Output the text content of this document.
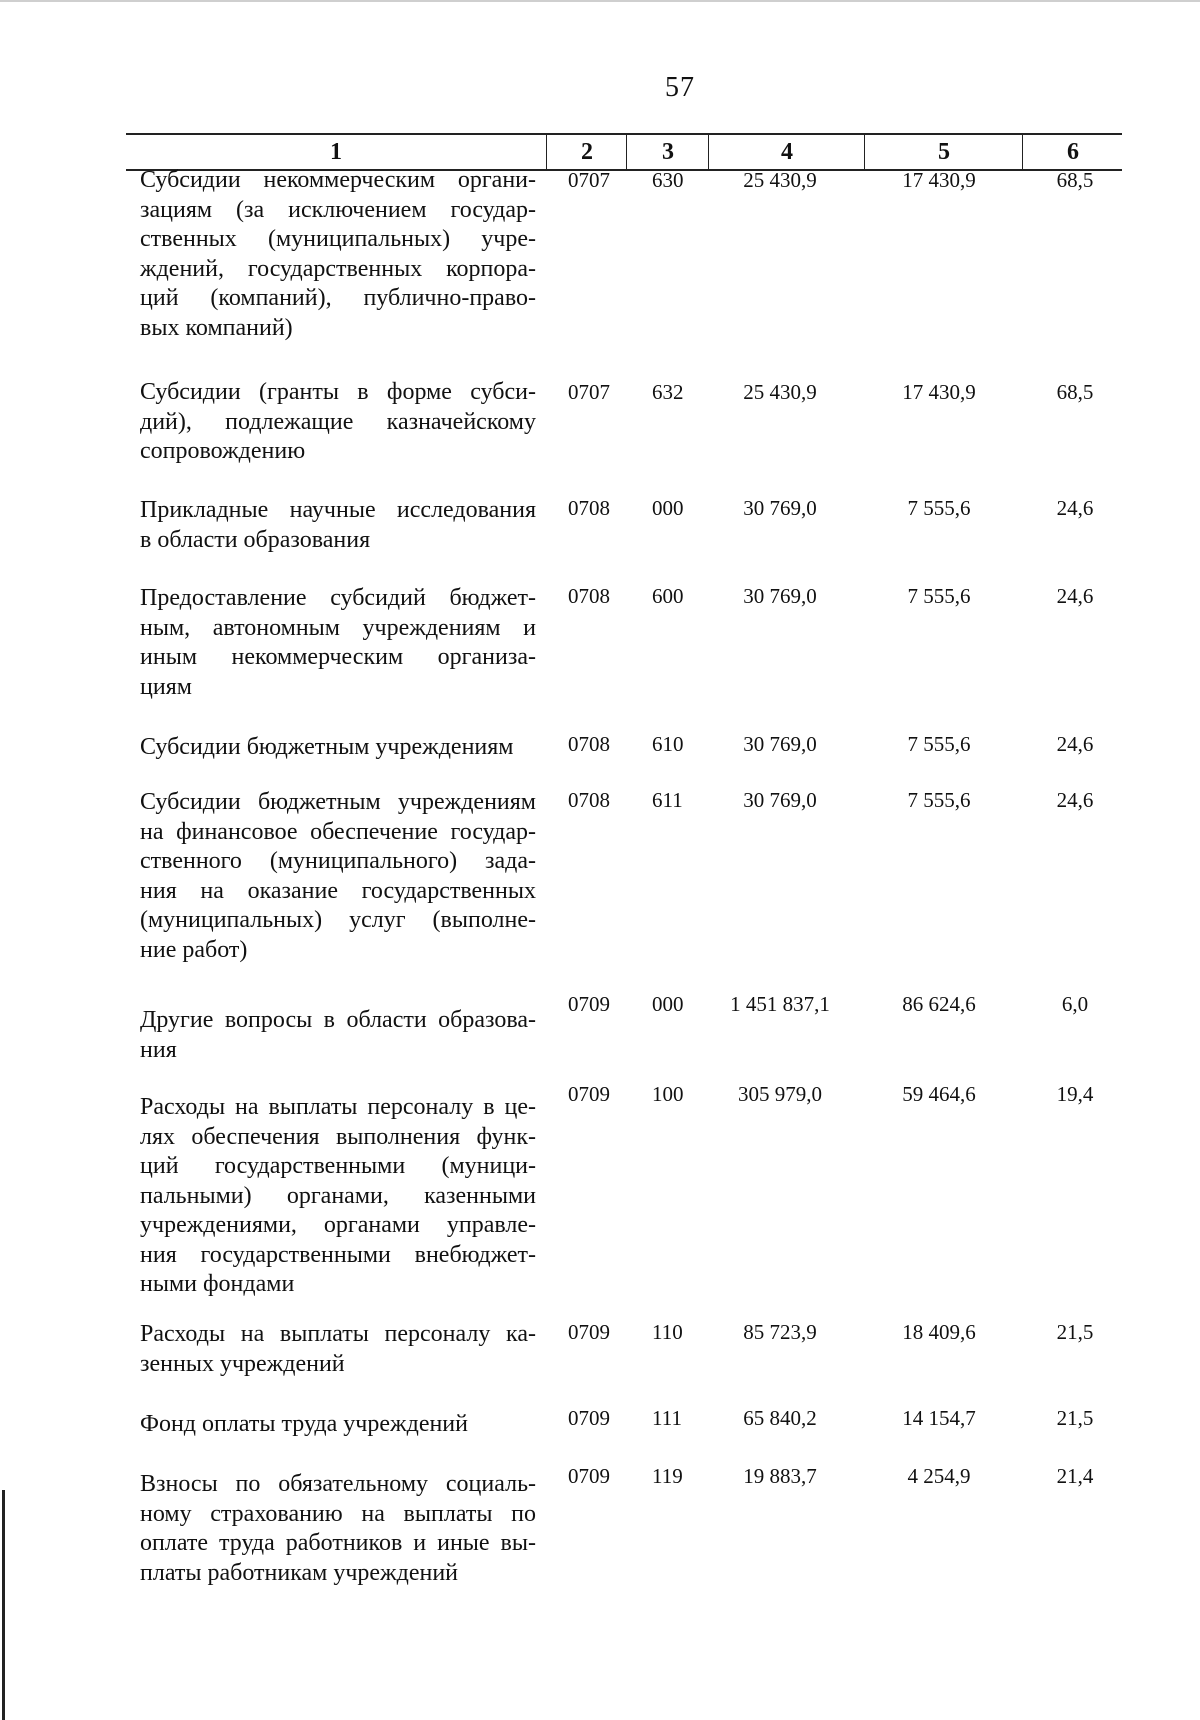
57
1	2	3	4	5	6
Субсидии некоммерческим органи-
зациям (за исключением государ-
ственных (муниципальных) учре-
ждений, государственных корпора-
ций (компаний), публично-право-
вых компаний)
0707 630	25 430,9	17 430,9	68,5
Субсидии (гранты в форме субси-
дий), подлежащие казначейскому
сопровождению
0707 632	25 430,9	17 430,9	68,5
Прикладные научные исследования
в области образования
0708 000	30 769,0	7 555,6	24,6
Предоставление субсидий бюджет-
ным, автономным учреждениям и
иным некоммерческим организа-
циям
0708 600	30 769,0	7 555,6	24,6
Субсидии бюджетным учреждениям	0708 610	30 769,0	7 555,6	24,6
Субсидии бюджетным учреждениям
на финансовое обеспечение государ-
ственного (муниципального) зада-
ния на оказание государственных
(муниципальных) услуг (выполне-
ние работ)
0708 611	30 769,0	7 555,6	24,6
Другие вопросы в области образова-
ния
0709 000	1 451 837,1	86 624,6	6,0
Расходы на выплаты персоналу в це-
лях обеспечения выполнения функ-
ций государственными (муници-
пальными) органами, казенными
учреждениями, органами управле-
ния государственными внебюджет-
ными фондами
0709 100	305 979,0	59 464,6	19,4
Расходы на выплаты персоналу ка-
зенных учреждений
0709 110	85 723,9	18 409,6	21,5
Фонд оплаты труда учреждений	0709 111	65 840,2	14 154,7	21,5
Взносы по обязательному социаль-
ному страхованию на выплаты по
оплате труда работников и иные вы-
платы работникам учреждений
0709 119	19 883,7	4 254,9	21,4
